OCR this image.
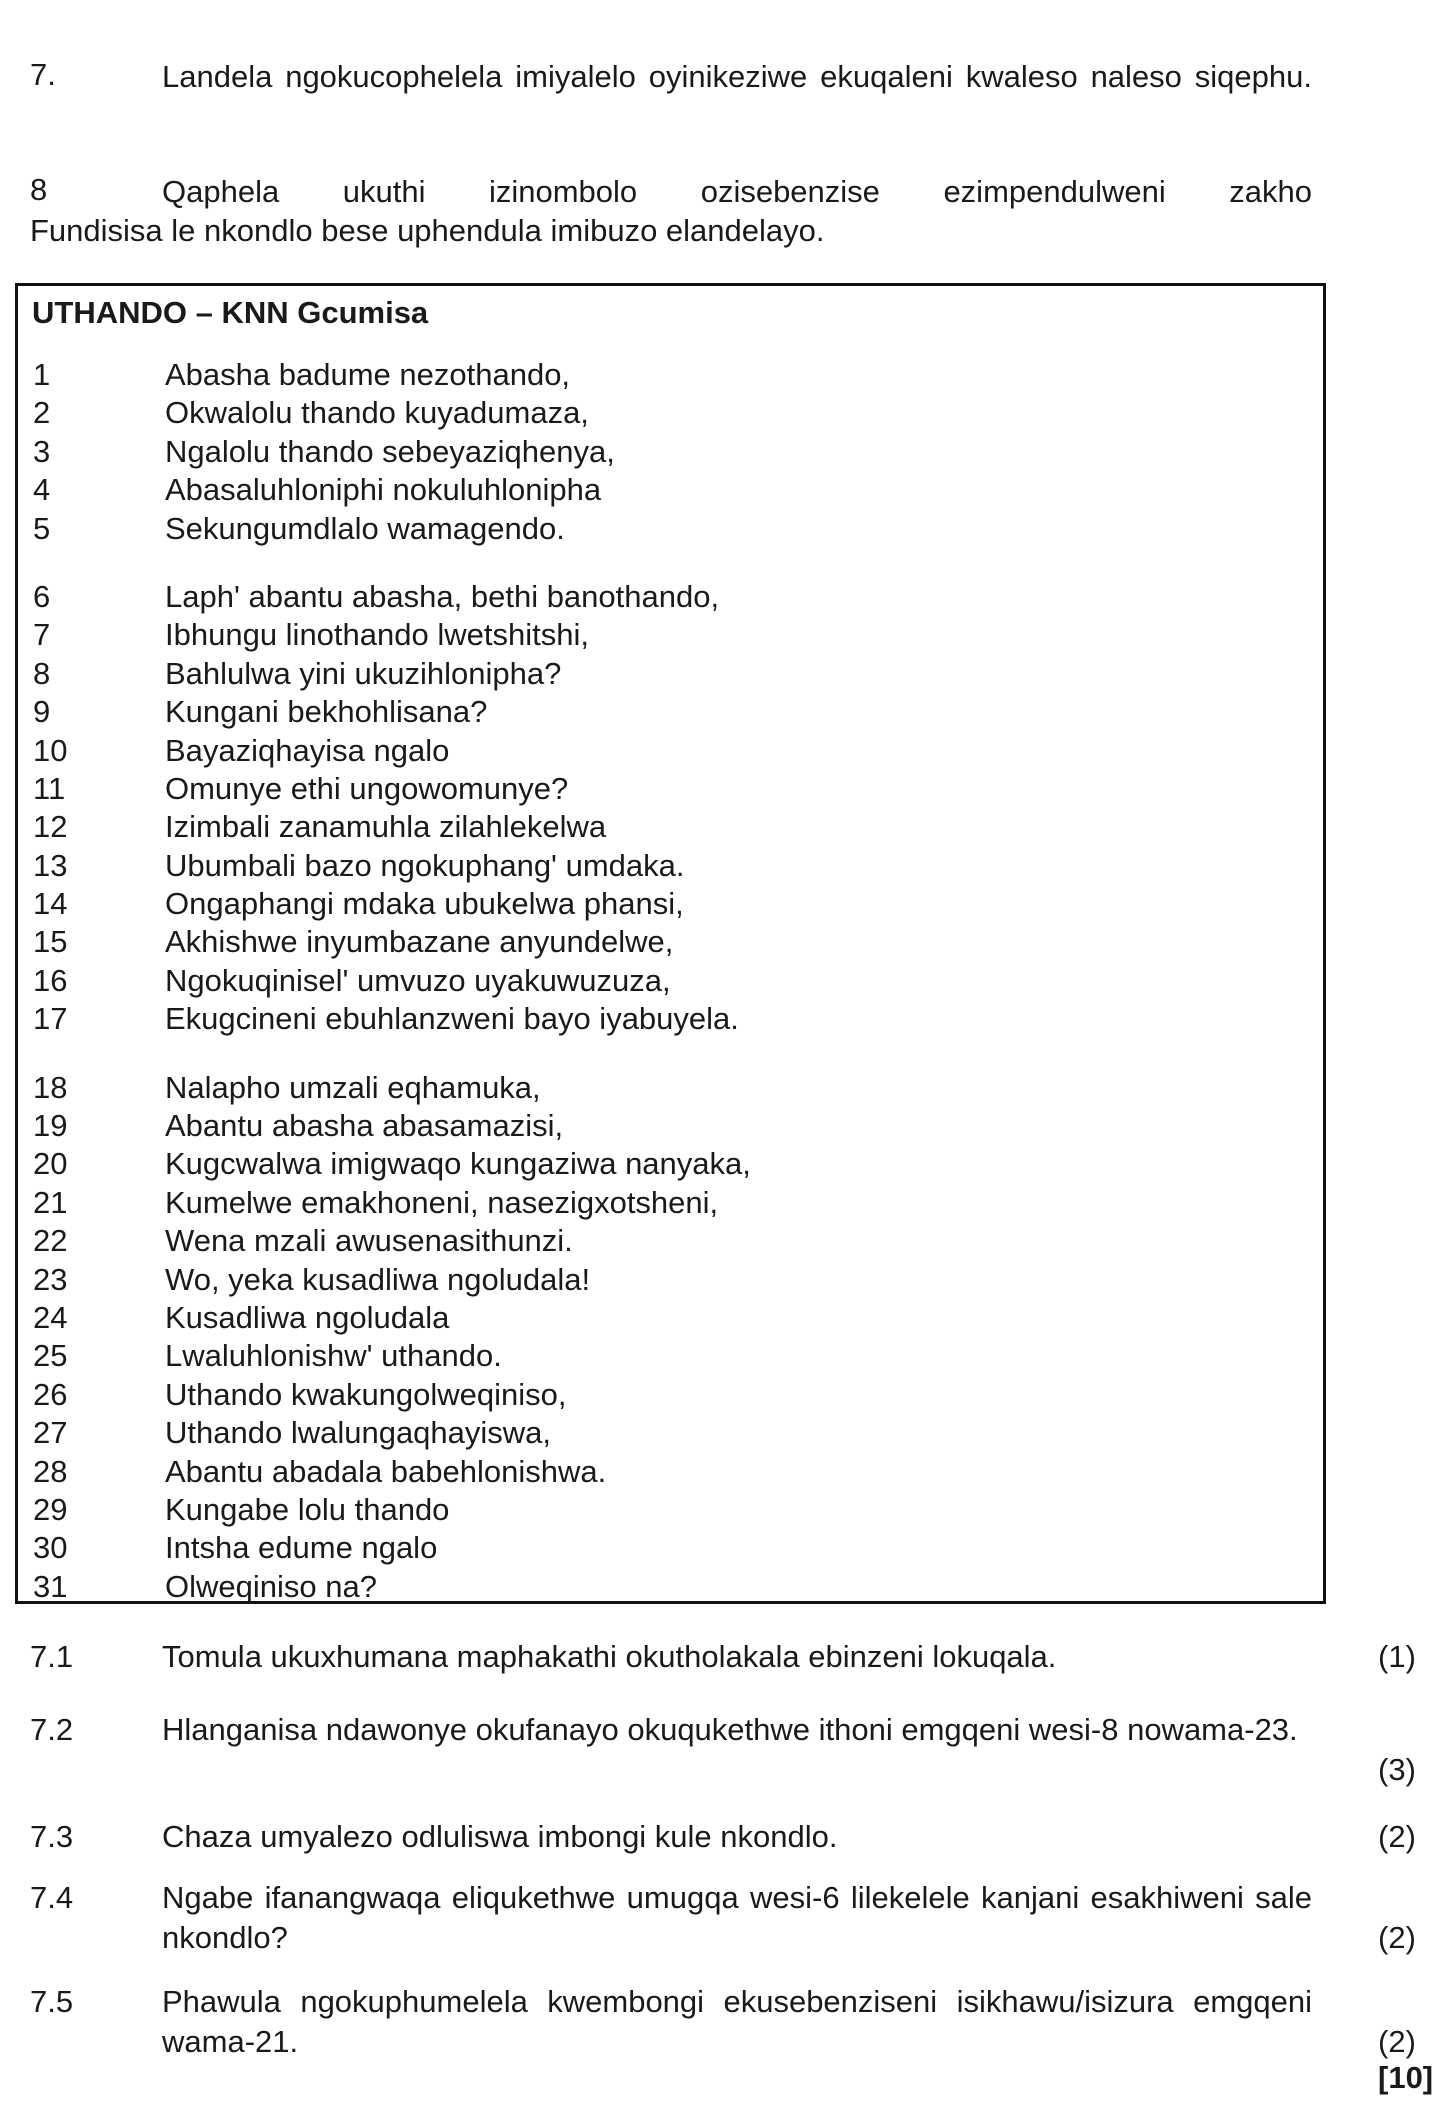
7.	Landela ngokucophelela imiyalelo oyinikeziwe ekuqaleni kwaleso naleso siqephu.
8	Qaphela ukuthi izinombolo ozisebenzise ezimpendulweni zakho
Fundisisa le nkondlo bese uphendula imibuzo elandelayo.
UTHANDO – KNN Gcumisa
1	Abasha badume nezothando,
2	Okwalolu thando kuyadumaza,
3	Ngalolu thando sebeyaziqhenya,
4	Abasaluhloniphi nokuluhlonipha
5	Sekungumdlalo wamagendo.
6	Laph' abantu abasha, bethi banothando,
7	Ibhungu linothando lwetshitshi,
8	Bahlulwa yini ukuzihlonipha?
9	Kungani bekhohlisana?
10	Bayaziqhayisa ngalo
11	Omunye ethi ungowomunye?
12	Izimbali zanamuhla zilahlekelwa
13	Ubumbali bazo ngokuphang' umdaka.
14	Ongaphangi mdaka ubukelwa phansi,
15	Akhishwe inyumbazane anyundelwe,
16	Ngokuqinisel' umvuzo uyakuwuzuza,
17	Ekugcineni ebuhlanzweni bayo iyabuyela.
18	Nalapho umzali eqhamuka,
19	Abantu abasha abasamazisi,
20	Kugcwalwa imigwaqo kungaziwa nanyaka,
21	Kumelwe emakhoneni, nasezigxotsheni,
22	Wena mzali awusenasithunzi.
23	Wo, yeka kusadliwa ngoludala!
24	Kusadliwa ngoludala
25	Lwaluhlonishw' uthando.
26	Uthando kwakungolweqiniso,
27	Uthando lwalungaqhayiswa,
28	Abantu abadala babehlonishwa.
29	Kungabe lolu thando
30	Intsha edume ngalo
31	Olweqiniso na?
7.1	Tomula ukuxhumana maphakathi okutholakala ebinzeni lokuqala.	(1)
7.2	Hlanganisa ndawonye okufanayo okuqukethwe ithoni emgqeni wesi-8 nowama-23.
(3)
7.3	Chaza umyalezo odluliswa imbongi kule nkondlo.	(2)
7.4	Ngabe ifanangwaqa eliqukethwe umugqa wesi-6 lilekelele kanjani esakhiweni sale nkondlo?	(2)
7.5	Phawula ngokuphumelela kwembongi ekusebenziseni isikhawu/isizura emgqeni wama-21.	(2)
[10]
